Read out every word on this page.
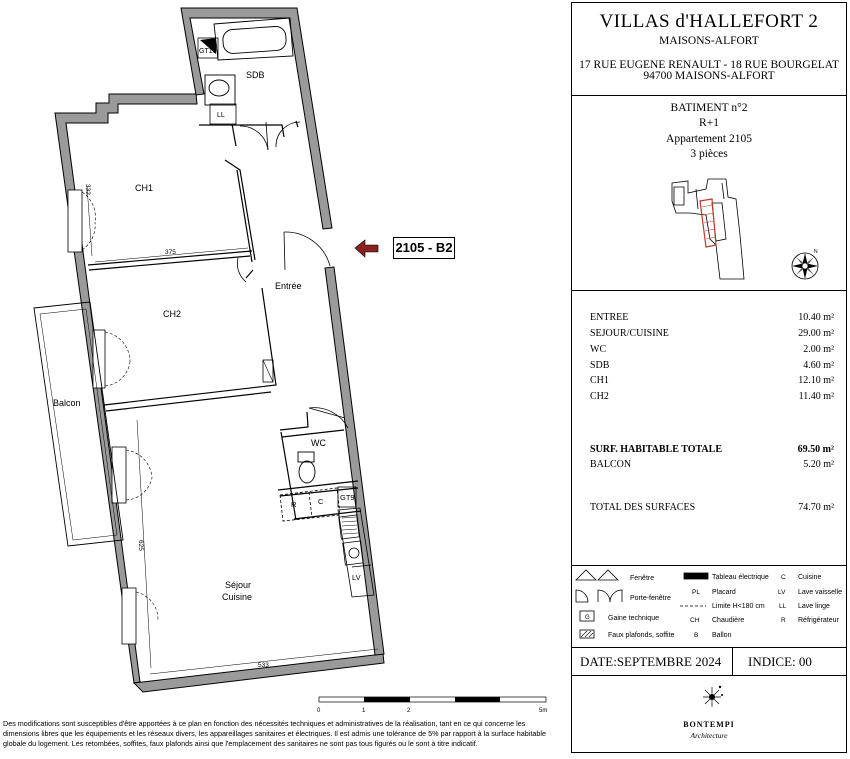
SDB
GT10
LL
CH1
CH2
Entrée
Balcon
WC
R	C GT9
LV
Séjour
Cuisine
332
375
625
533
0	1	2	5m
2105 - B2
Des modifications sont susceptibles d'être apportées à ce plan en fonction des nécessités techniques et administratives de la réalisation, tant en ce qui concerne les dimensions libres que les équipements et les réseaux divers, les appareillages sanitaires et électriques. Il est admis une tolérance de 5% par rapport à la surface habitable globale du logement. Les retombées, soffites, faux plafonds ainsi que l'emplacement des sanitaires ne sont pas tous figurés ou le sont à titre indicatif.
VILLAS d'HALLEFORT 2
MAISONS-ALFORT
17 RUE EUGENE RENAULT - 18 RUE BOURGELAT
94700 MAISONS-ALFORT
BATIMENT n°2
R+1
Appartement 2105
3 pièces
N
ENTREE	10.40 m²
SEJOUR/CUISINE	29.00 m²
WC	2.00 m²
SDB	4.60 m²
CH1	12.10 m²
CH2	11.40 m²
SURF. HABITABLE TOTALE	69.50 m²
BALCON	5.20 m²
TOTAL DES SURFACES	74.70 m²
G
Fenêtre
Porte-fenêtre
Gaine technique
Faux plafonds, soffite
Tableau électrique
PL Placard
Limite H<180 cm
CH Chaudière
B Ballon
C Cuisine
LV Lave vaisselle
LL Lave linge
R Réfrigérateur
DATE:SEPTEMBRE 2024 INDICE: 00
BONTEMPI
Architecture
